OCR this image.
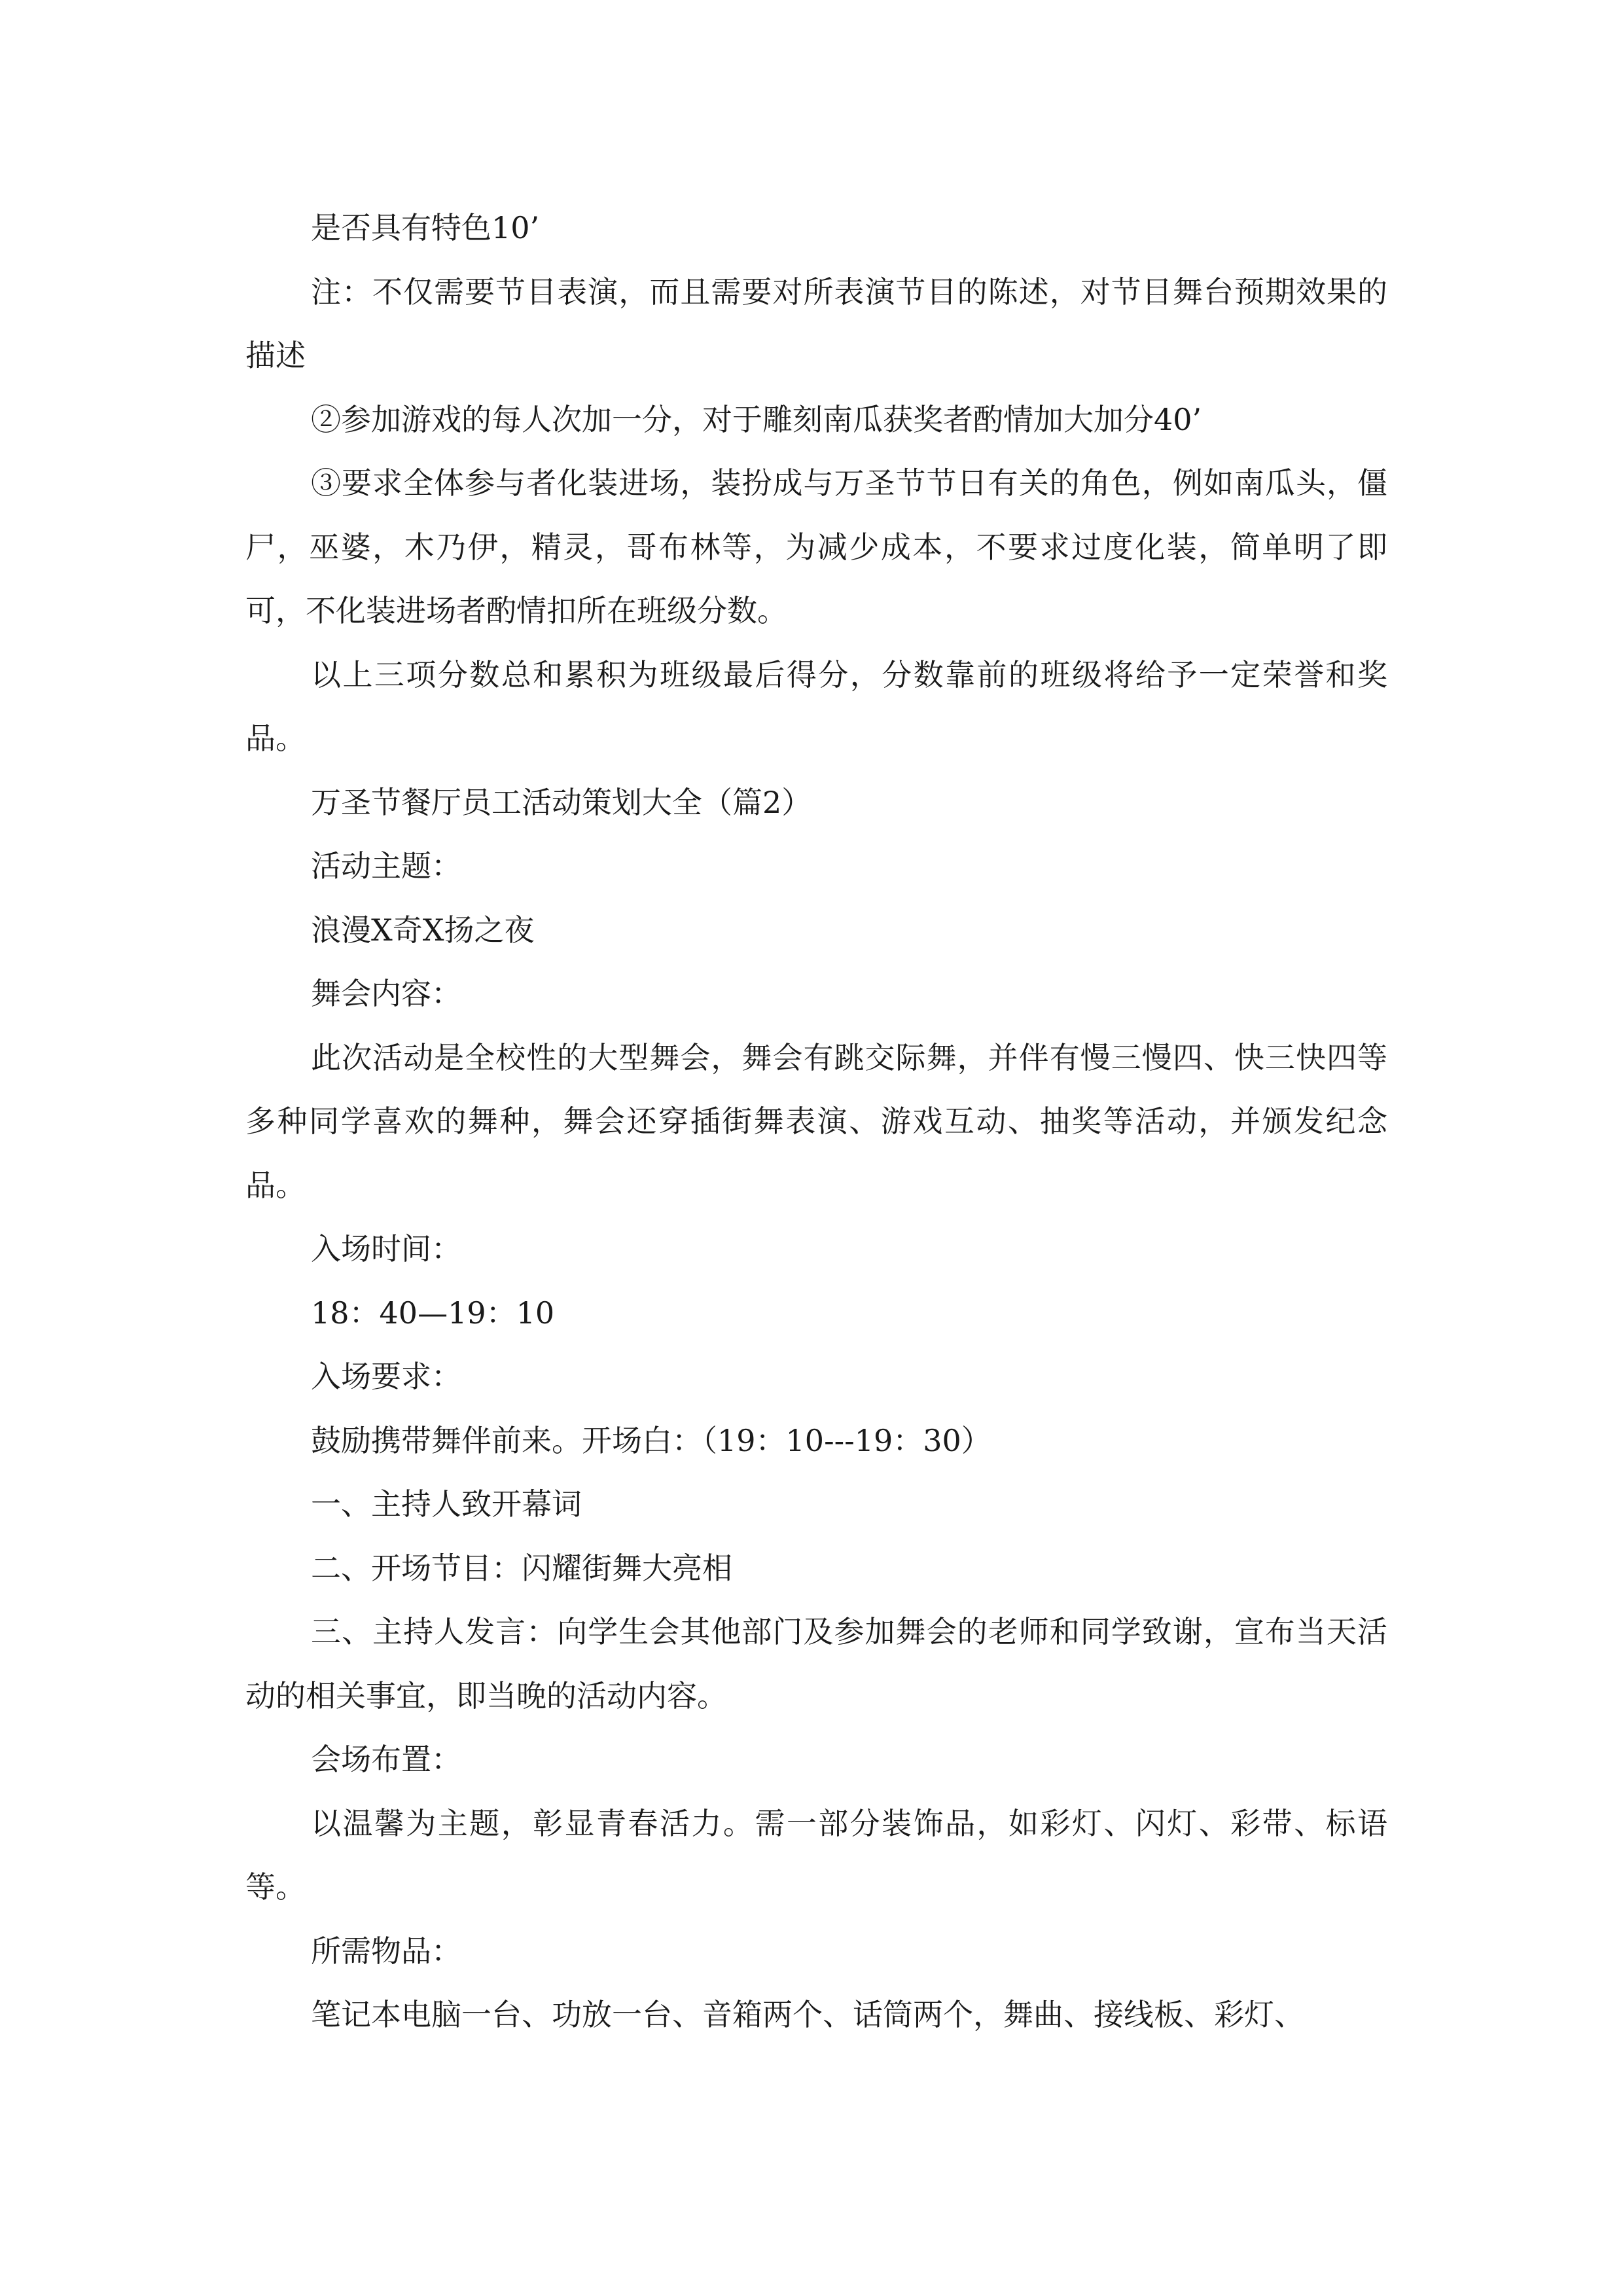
是否具有特色10’

注：不仅需要节目表演，而且需要对所表演节目的陈述，对节目舞台预期效果的描述

②参加游戏的每人次加一分，对于雕刻南瓜获奖者酌情加大加分40’

③要求全体参与者化装进场，装扮成与万圣节节日有关的角色，例如南瓜头，僵尸，巫婆，木乃伊，精灵，哥布林等，为减少成本，不要求过度化装，简单明了即可，不化装进场者酌情扣所在班级分数。

以上三项分数总和累积为班级最后得分，分数靠前的班级将给予一定荣誉和奖品。

万圣节餐厅员工活动策划大全（篇2）

活动主题：

浪漫X奇X扬之夜

舞会内容：

此次活动是全校性的大型舞会，舞会有跳交际舞，并伴有慢三慢四、快三快四等多种同学喜欢的舞种，舞会还穿插街舞表演、游戏互动、抽奖等活动，并颁发纪念品。

入场时间：

18：40—19：10

入场要求：

鼓励携带舞伴前来。开场白：（19：10---19：30）

一、主持人致开幕词

二、开场节目：闪耀街舞大亮相

三、主持人发言：向学生会其他部门及参加舞会的老师和同学致谢，宣布当天活动的相关事宜，即当晚的活动内容。

会场布置：

以温馨为主题，彰显青春活力。需一部分装饰品，如彩灯、闪灯、彩带、标语等。

所需物品：

笔记本电脑一台、功放一台、音箱两个、话筒两个，舞曲、接线板、彩灯、
